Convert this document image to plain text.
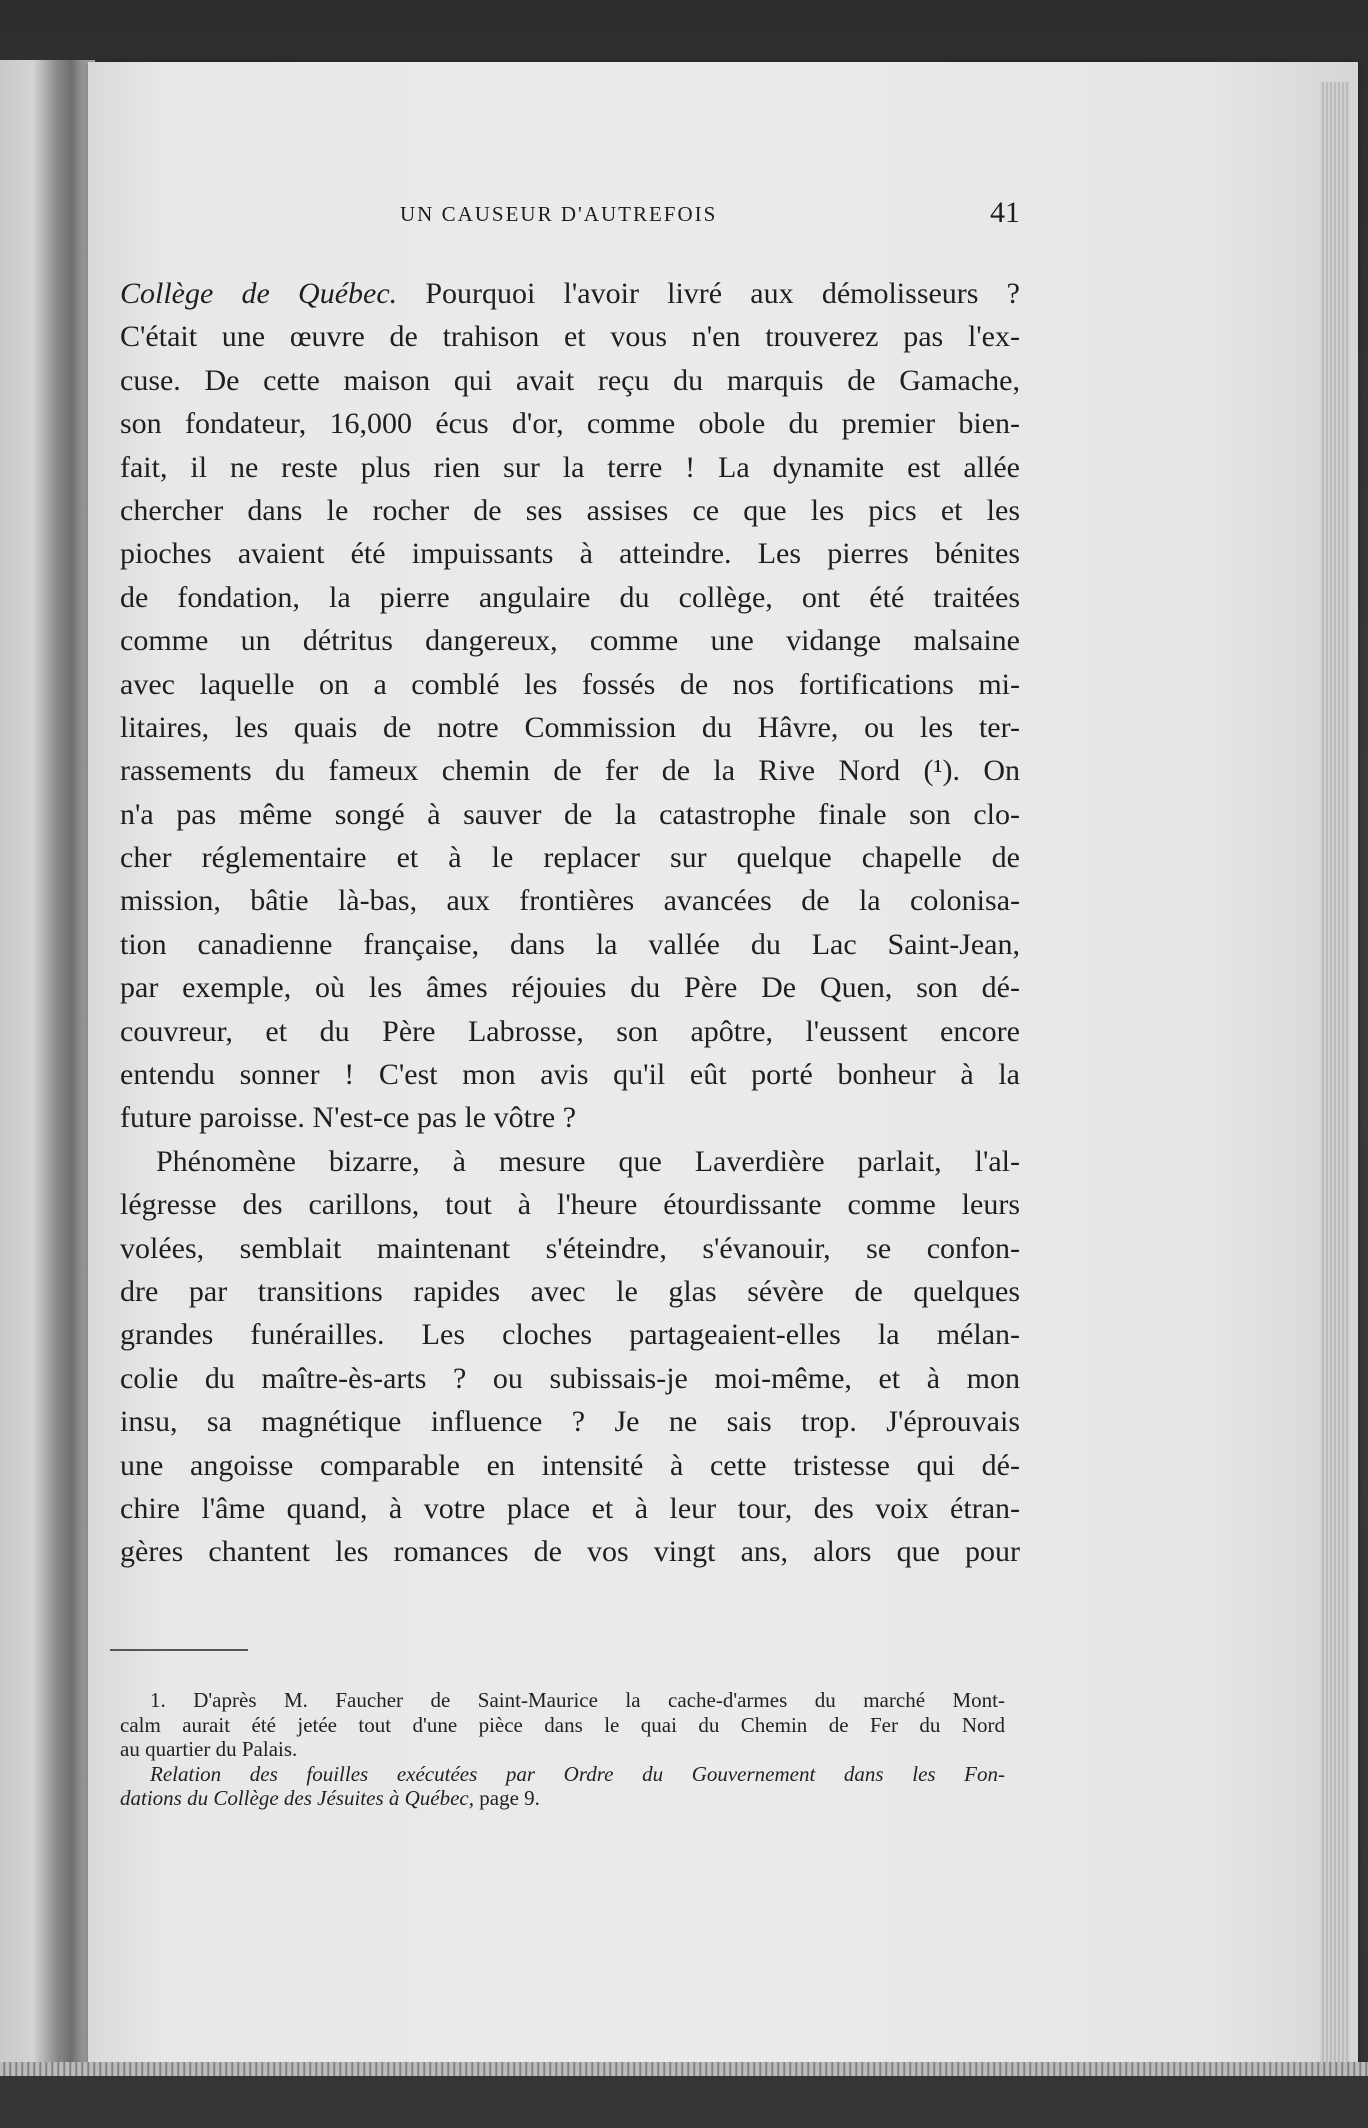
UN CAUSEUR D'AUTREFOIS	41
Collège de Québec. Pourquoi l'avoir livré aux démolisseurs ?
C'était une œuvre de trahison et vous n'en trouverez pas l'ex-
cuse. De cette maison qui avait reçu du marquis de Gamache,
son fondateur, 16,000 écus d'or, comme obole du premier bien-
fait, il ne reste plus rien sur la terre ! La dynamite est allée
chercher dans le rocher de ses assises ce que les pics et les
pioches avaient été impuissants à atteindre. Les pierres bénites
de fondation, la pierre angulaire du collège, ont été traitées
comme un détritus dangereux, comme une vidange malsaine
avec laquelle on a comblé les fossés de nos fortifications mi-
litaires, les quais de notre Commission du Hâvre, ou les ter-
rassements du fameux chemin de fer de la Rive Nord (¹). On
n'a pas même songé à sauver de la catastrophe finale son clo-
cher réglementaire et à le replacer sur quelque chapelle de
mission, bâtie là-bas, aux frontières avancées de la colonisa-
tion canadienne française, dans la vallée du Lac Saint-Jean,
par exemple, où les âmes réjouies du Père De Quen, son dé-
couvreur, et du Père Labrosse, son apôtre, l'eussent encore
entendu sonner ! C'est mon avis qu'il eût porté bonheur à la
future paroisse. N'est-ce pas le vôtre ?
Phénomène bizarre, à mesure que Laverdière parlait, l'al-
légresse des carillons, tout à l'heure étourdissante comme leurs
volées, semblait maintenant s'éteindre, s'évanouir, se confon-
dre par transitions rapides avec le glas sévère de quelques
grandes funérailles. Les cloches partageaient-elles la mélan-
colie du maître-ès-arts ? ou subissais-je moi-même, et à mon
insu, sa magnétique influence ? Je ne sais trop. J'éprouvais
une angoisse comparable en intensité à cette tristesse qui dé-
chire l'âme quand, à votre place et à leur tour, des voix étran-
gères chantent les romances de vos vingt ans, alors que pour
1. D'après M. Faucher de Saint-Maurice la cache-d'armes du marché Mont-
calm aurait été jetée tout d'une pièce dans le quai du Chemin de Fer du Nord
au quartier du Palais.
Relation des fouilles exécutées par Ordre du Gouvernement dans les Fon-
dations du Collège des Jésuites à Québec, page 9.
